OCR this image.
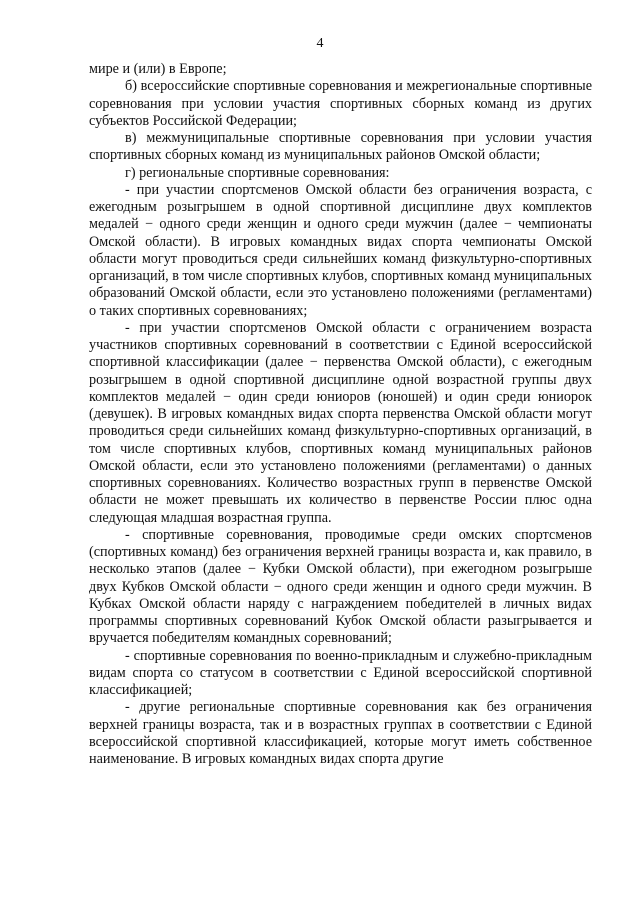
4

мире и (или) в Европе;

б) всероссийские спортивные соревнования и межрегиональные спортивные соревнования при условии участия спортивных сборных команд из других субъектов Российской Федерации;

в) межмуниципальные спортивные соревнования при условии участия спортивных сборных команд из муниципальных районов Омской области;

г) региональные спортивные соревнования:

- при участии спортсменов Омской области без ограничения возраста, с ежегодным розыгрышем в одной спортивной дисциплине двух комплектов медалей − одного среди женщин и одного среди мужчин (далее − чемпионаты Омской области). В игровых командных видах спорта чемпионаты Омской области могут проводиться среди сильнейших команд физкультурно-спортивных организаций, в том числе спортивных клубов, спортивных команд муниципальных образований Омской области, если это установлено положениями (регламентами) о таких спортивных соревнованиях;

- при участии спортсменов Омской области с ограничением возраста участников спортивных соревнований в соответствии с Единой всероссийской спортивной классификации (далее − первенства Омской области), с ежегодным розыгрышем в одной спортивной дисциплине одной возрастной группы двух комплектов медалей − один среди юниоров (юношей) и один среди юниорок (девушек). В игровых командных видах спорта первенства Омской области могут проводиться среди сильнейших команд физкультурно-спортивных организаций, в том числе спортивных клубов, спортивных команд муниципальных районов Омской области, если это установлено положениями (регламентами) о данных спортивных соревнованиях. Количество возрастных групп в первенстве Омской области не может превышать их количество в первенстве России плюс одна следующая младшая возрастная группа.

- спортивные соревнования, проводимые среди омских спортсменов (спортивных команд) без ограничения верхней границы возраста и, как правило, в несколько этапов (далее − Кубки Омской области), при ежегодном розыгрыше двух Кубков Омской области − одного среди женщин и одного среди мужчин. В Кубках Омской области наряду с награждением победителей в личных видах программы спортивных соревнований Кубок Омской области разыгрывается и вручается победителям командных соревнований;

- спортивные соревнования по военно-прикладным и служебно-прикладным видам спорта со статусом в соответствии с Единой всероссийской спортивной классификацией;

- другие региональные спортивные соревнования как без ограничения верхней границы возраста, так и в возрастных группах в соответствии с Единой всероссийской спортивной классификацией, которые могут иметь собственное наименование. В игровых командных видах спорта другие
